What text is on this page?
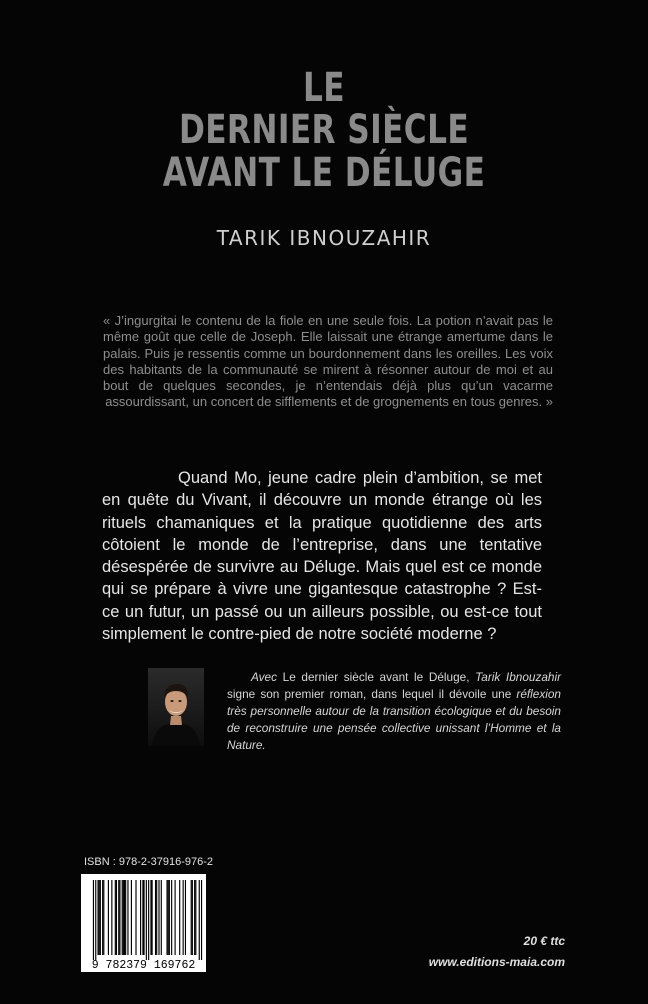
LE
DERNIER SIÈCLE
AVANT LE DÉLUGE
TARIK IBNOUZAHIR

« J’ingurgitai le contenu de la fiole en une seule fois. La potion n’avait pas le même goût que celle de Joseph. Elle laissait une étrange amertume dans le palais. Puis je ressentis comme un bourdonnement dans les oreilles. Les voix des habitants de la communauté se mirent à résonner autour de moi et au bout de quelques secondes, je n’entendais déjà plus qu’un vacarme assourdissant, un concert de sifflements et de grognements en tous genres. »

Quand Mo, jeune cadre plein d’ambition, se met en quête du Vivant, il découvre un monde étrange où les rituels chamaniques et la pratique quotidienne des arts côtoient le monde de l’entreprise, dans une tentative désespérée de survivre au Déluge. Mais quel est ce monde qui se prépare à vivre une gigantesque catastrophe ? Est-ce un futur, un passé ou un ailleurs possible, ou est-ce tout simplement le contre-pied de notre société moderne ?

Avec Le dernier siècle avant le Déluge, Tarik Ibnouzahir signe son premier roman, dans lequel il dévoile une réflexion très personnelle autour de la transition écologique et du besoin de reconstruire une pensée collective unissant l’Homme et la Nature.

ISBN : 978-2-37916-976-2
9 782379 169762
20 € ttc
www.editions-maia.com
